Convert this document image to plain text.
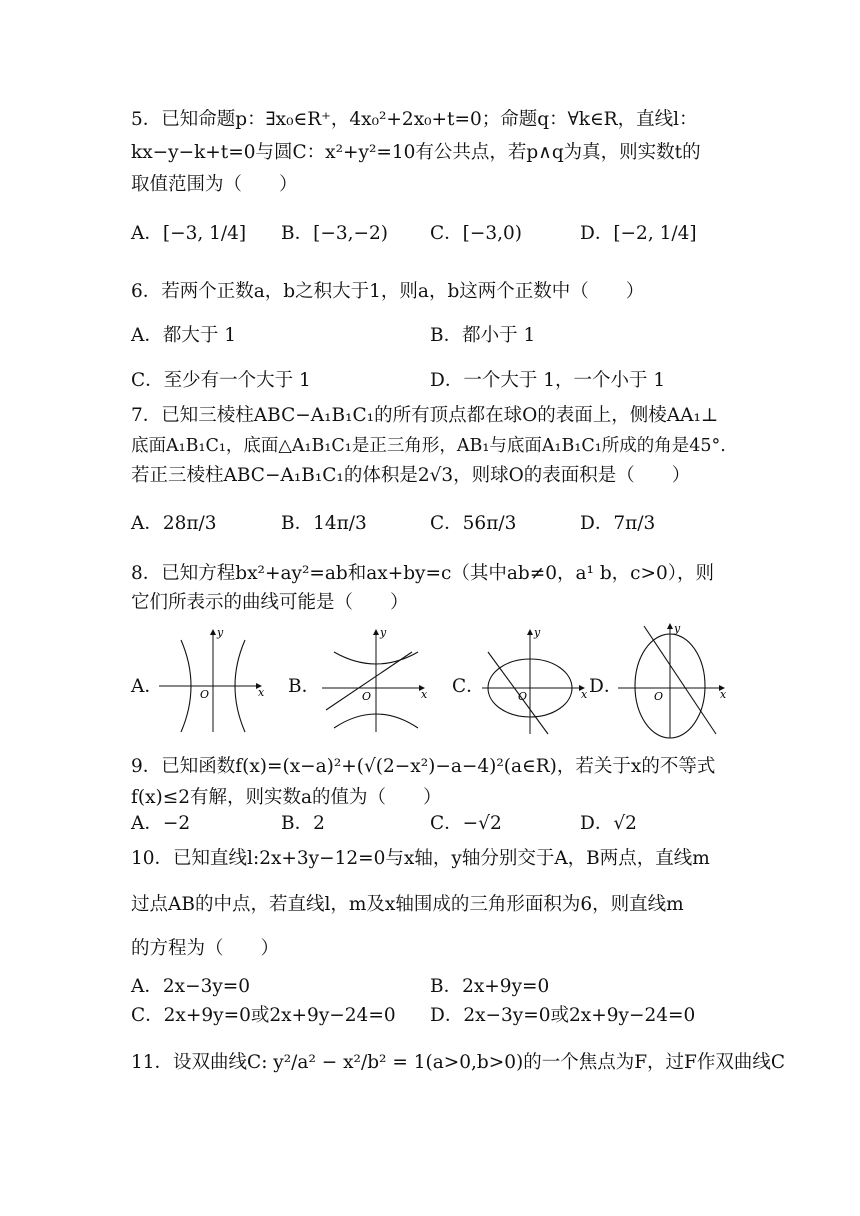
5．已知命题p：∃x₀∈R⁺，4x₀²+2x₀+t=0；命题q：∀k∈R，直线l：
kx−y−k+t=0与圆C：x²+y²=10有公共点，若p∧q为真，则实数t的
取值范围为（　　）
A．[−3, 1/4] B．[−3,−2) C．[−3,0)	D．[−2, 1/4]
6．若两个正数a，b之积大于1，则a，b这两个正数中（　　）
A．都大于 1	B．都小于 1
C．至少有一个大于 1	D．一个大于 1，一个小于 1
7．已知三棱柱ABC−A₁B₁C₁的所有顶点都在球O的表面上，侧棱AA₁⊥
底面A₁B₁C₁，底面△A₁B₁C₁是正三角形，AB₁与底面A₁B₁C₁所成的角是45°.
若正三棱柱ABC−A₁B₁C₁的体积是2√3，则球O的表面积是（　　）
A．28π/3	B．14π/3	C．56π/3	D．7π/3
8．已知方程bx²+ay²=ab和ax+by=c（其中ab≠0，a¹ b，c>0），则
它们所表示的曲线可能是（　　）
A．	B．	C．	D．
x
y
O	x
y
O	x
y
O	x
y
O
9．已知函数f(x)=(x−a)²+(√(2−x²)−a−4)²(a∈R)，若关于x的不等式
f(x)≤2有解，则实数a的值为（　　）
A．−2	B．2	C．−√2	D．√2
10．已知直线l:2x+3y−12=0与x轴，y轴分别交于A，B两点，直线m
过点AB的中点，若直线l，m及x轴围成的三角形面积为6，则直线m
的方程为（　　）
A．2x−3y=0	B．2x+9y=0
C．2x+9y=0或2x+9y−24=0 D．2x−3y=0或2x+9y−24=0
11．设双曲线C: y²/a² − x²/b² = 1(a>0,b>0)的一个焦点为F，过F作双曲线C
